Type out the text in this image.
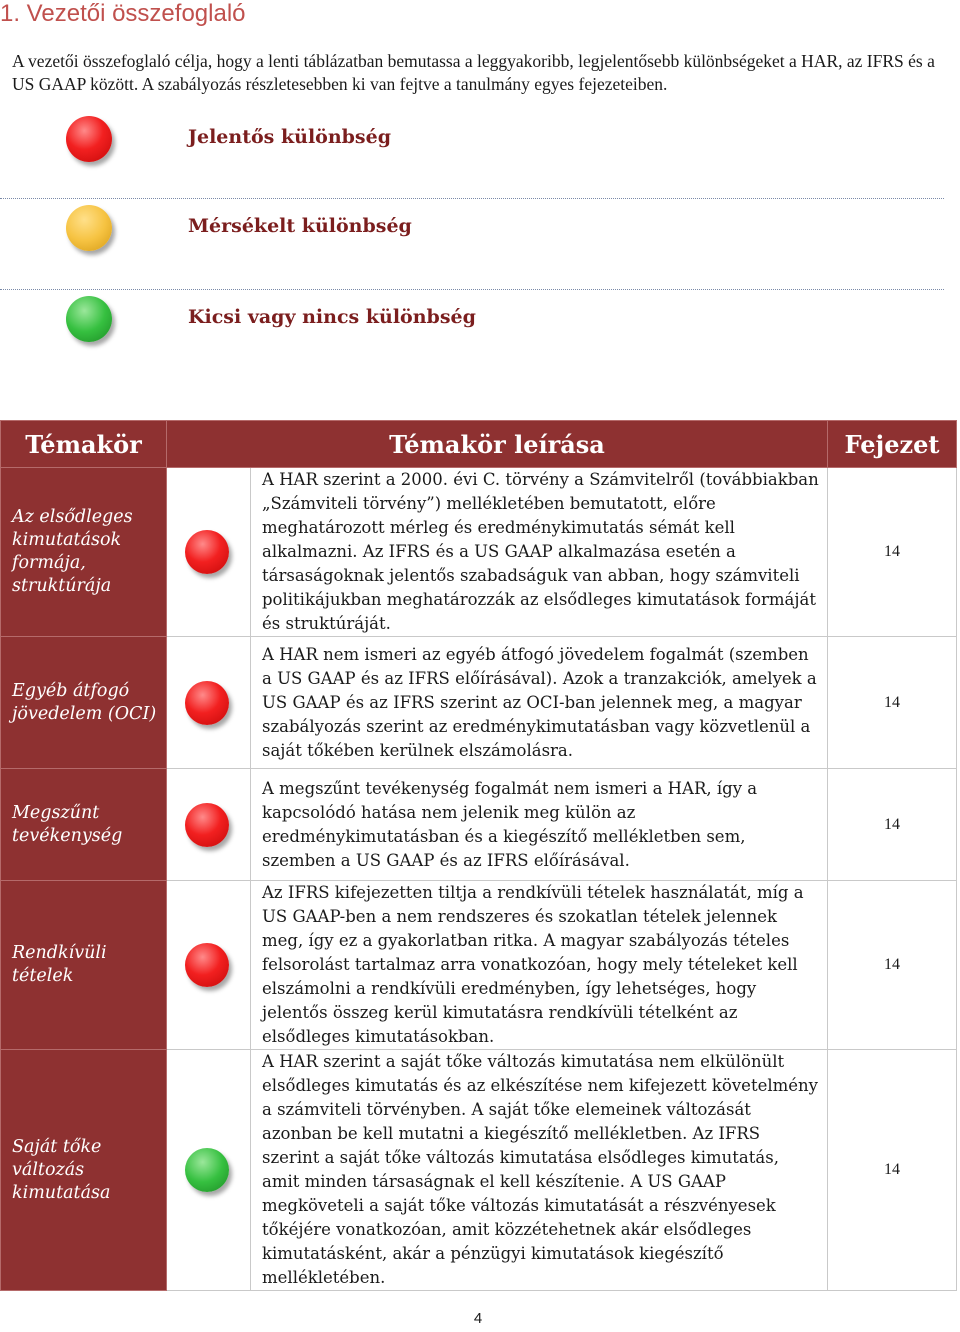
1. Vezetői összefoglaló
A vezetői összefoglaló célja, hogy a lenti táblázatban bemutassa a leggyakoribb, legjelentősebb különbségeket a HAR, az IFRS és a US GAAP között. A szabályozás részletesebben ki van fejtve a tanulmány egyes fejezeteiben.
Jelentős különbség
Mérsékelt különbség
Kicsi vagy nincs különbség
Témakör	Témakör leírása		Fejezet
Az elsődleges kimutatások formája, struktúrája		A HAR szerint a 2000. évi C. törvény a Számvitelről (továbbiakban „Számviteli törvény”) mellékletében bemutatott, előre meghatározott mérleg és eredménykimutatás sémát kell alkalmazni. Az IFRS és a US GAAP alkalmazása esetén a társaságoknak jelentős szabadságuk van abban, hogy számviteli politikájukban meghatározzák az elsődleges kimutatások formáját és struktúráját.	14
Egyéb átfogó jövedelem (OCI)		A HAR nem ismeri az egyéb átfogó jövedelem fogalmát (szemben a US GAAP és az IFRS előírásával). Azok a tranzakciók, amelyek a US GAAP és az IFRS szerint az OCI-ban jelennek meg, a magyar szabályozás szerint az eredménykimutatásban vagy közvetlenül a saját tőkében kerülnek elszámolásra.	14
Megszűnt tevékenység		A megszűnt tevékenység fogalmát nem ismeri a HAR, így a kapcsolódó hatása nem jelenik meg külön az eredménykimutatásban és a kiegészítő mellékletben sem, szemben a US GAAP és az IFRS előírásával.	14
Rendkívüli tételek		Az IFRS kifejezetten tiltja a rendkívüli tételek használatát, míg a US GAAP-ben a nem rendszeres és szokatlan tételek jelennek meg, így ez a gyakorlatban ritka. A magyar szabályozás tételes felsorolást tartalmaz arra vonatkozóan, hogy mely tételeket kell elszámolni a rendkívüli eredményben, így lehetséges, hogy jelentős összeg kerül kimutatásra rendkívüli tételként az elsődleges kimutatásokban.	14
Saját tőke változás kimutatása		A HAR szerint a saját tőke változás kimutatása nem elkülönült elsődleges kimutatás és az elkészítése nem kifejezett követelmény a számviteli törvényben. A saját tőke elemeinek változását azonban be kell mutatni a kiegészítő mellékletben. Az IFRS szerint a saját tőke változás kimutatása elsődleges kimutatás, amit minden társaságnak el kell készítenie. A US GAAP megköveteli a saját tőke változás kimutatását a részvényesek tőkéjére vonatkozóan, amit közzétehetnek akár elsődleges kimutatásként, akár a pénzügyi kimutatások kiegészítő mellékletében.	14
4
